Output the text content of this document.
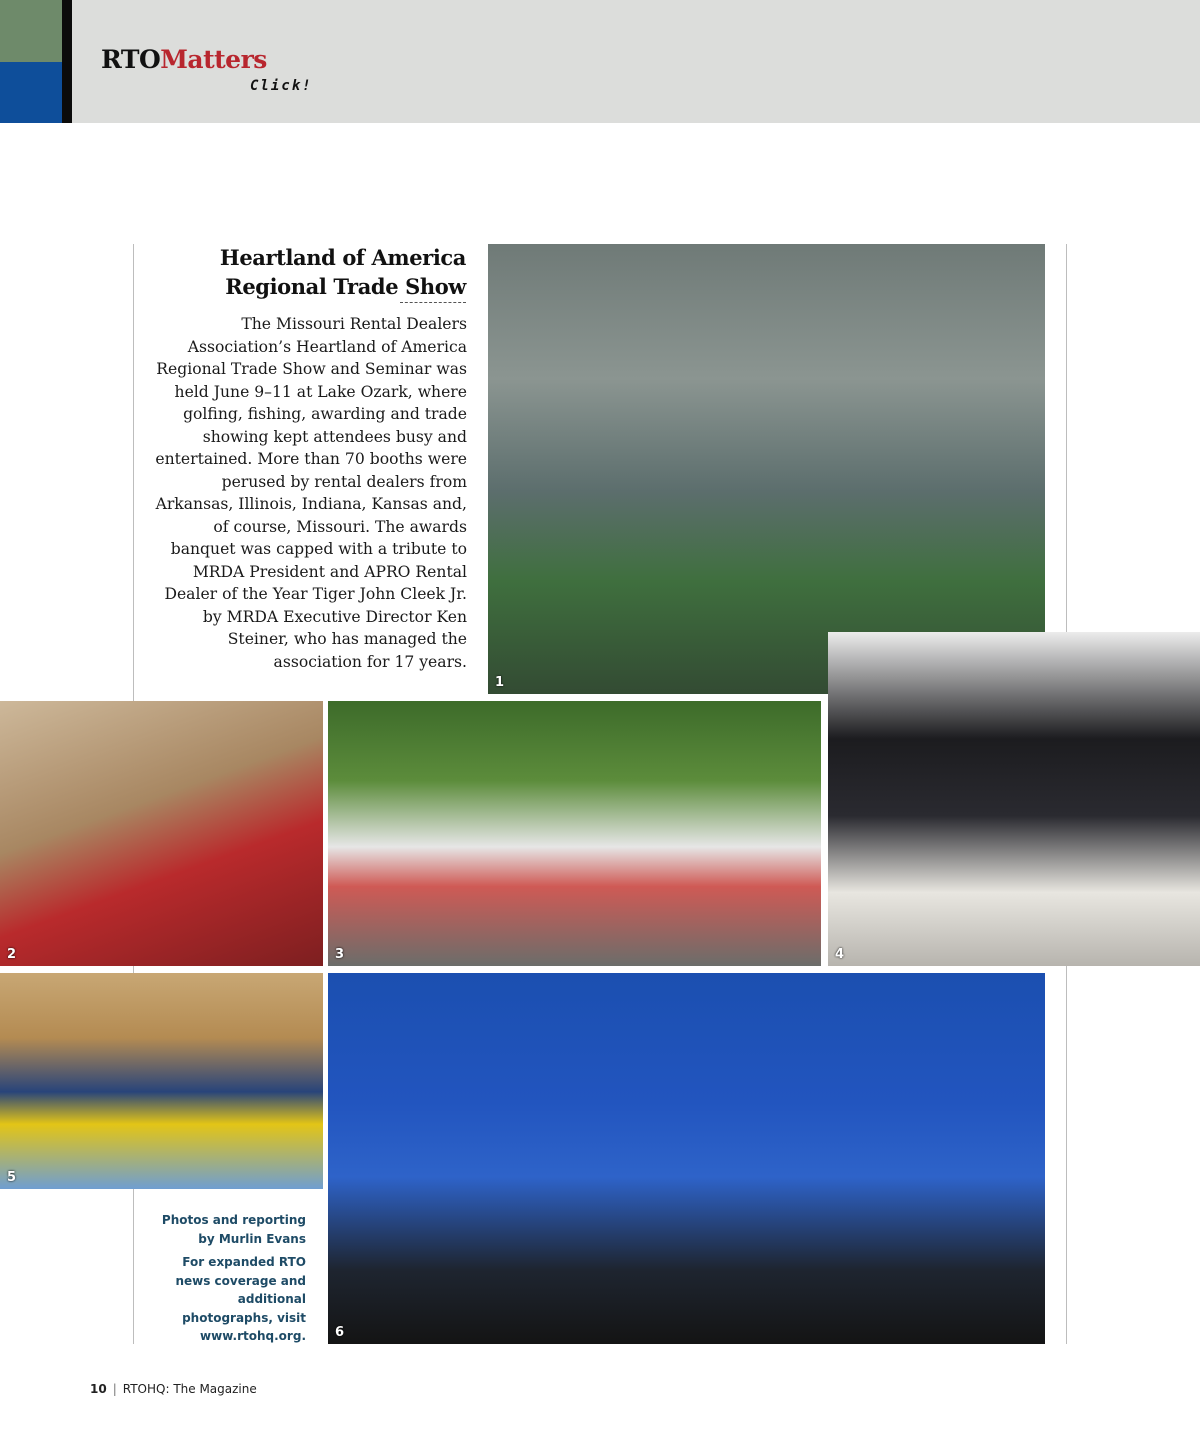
RTOMatters
Click!
Heartland of America
Regional Trade Show
The Missouri Rental Dealers Association’s Heartland of America Regional Trade Show and Seminar was held June 9–11 at Lake Ozark, where golfing, fishing, awarding and trade showing kept attendees busy and entertained. More than 70 booths were perused by rental dealers from Arkansas, Illinois, Indiana, Kansas and, of course, Missouri. The awards banquet was capped with a tribute to MRDA President and APRO Rental Dealer of the Year Tiger John Cleek Jr. by MRDA Executive Director Ken Steiner, who has managed the association for 17 years.
1
2	3	4
5
6

Photos and reporting by Murlin Evans

For expanded RTO news coverage and additional photographs, visit www.rtohq.org.

10 | RTOHQ: The Magazine
